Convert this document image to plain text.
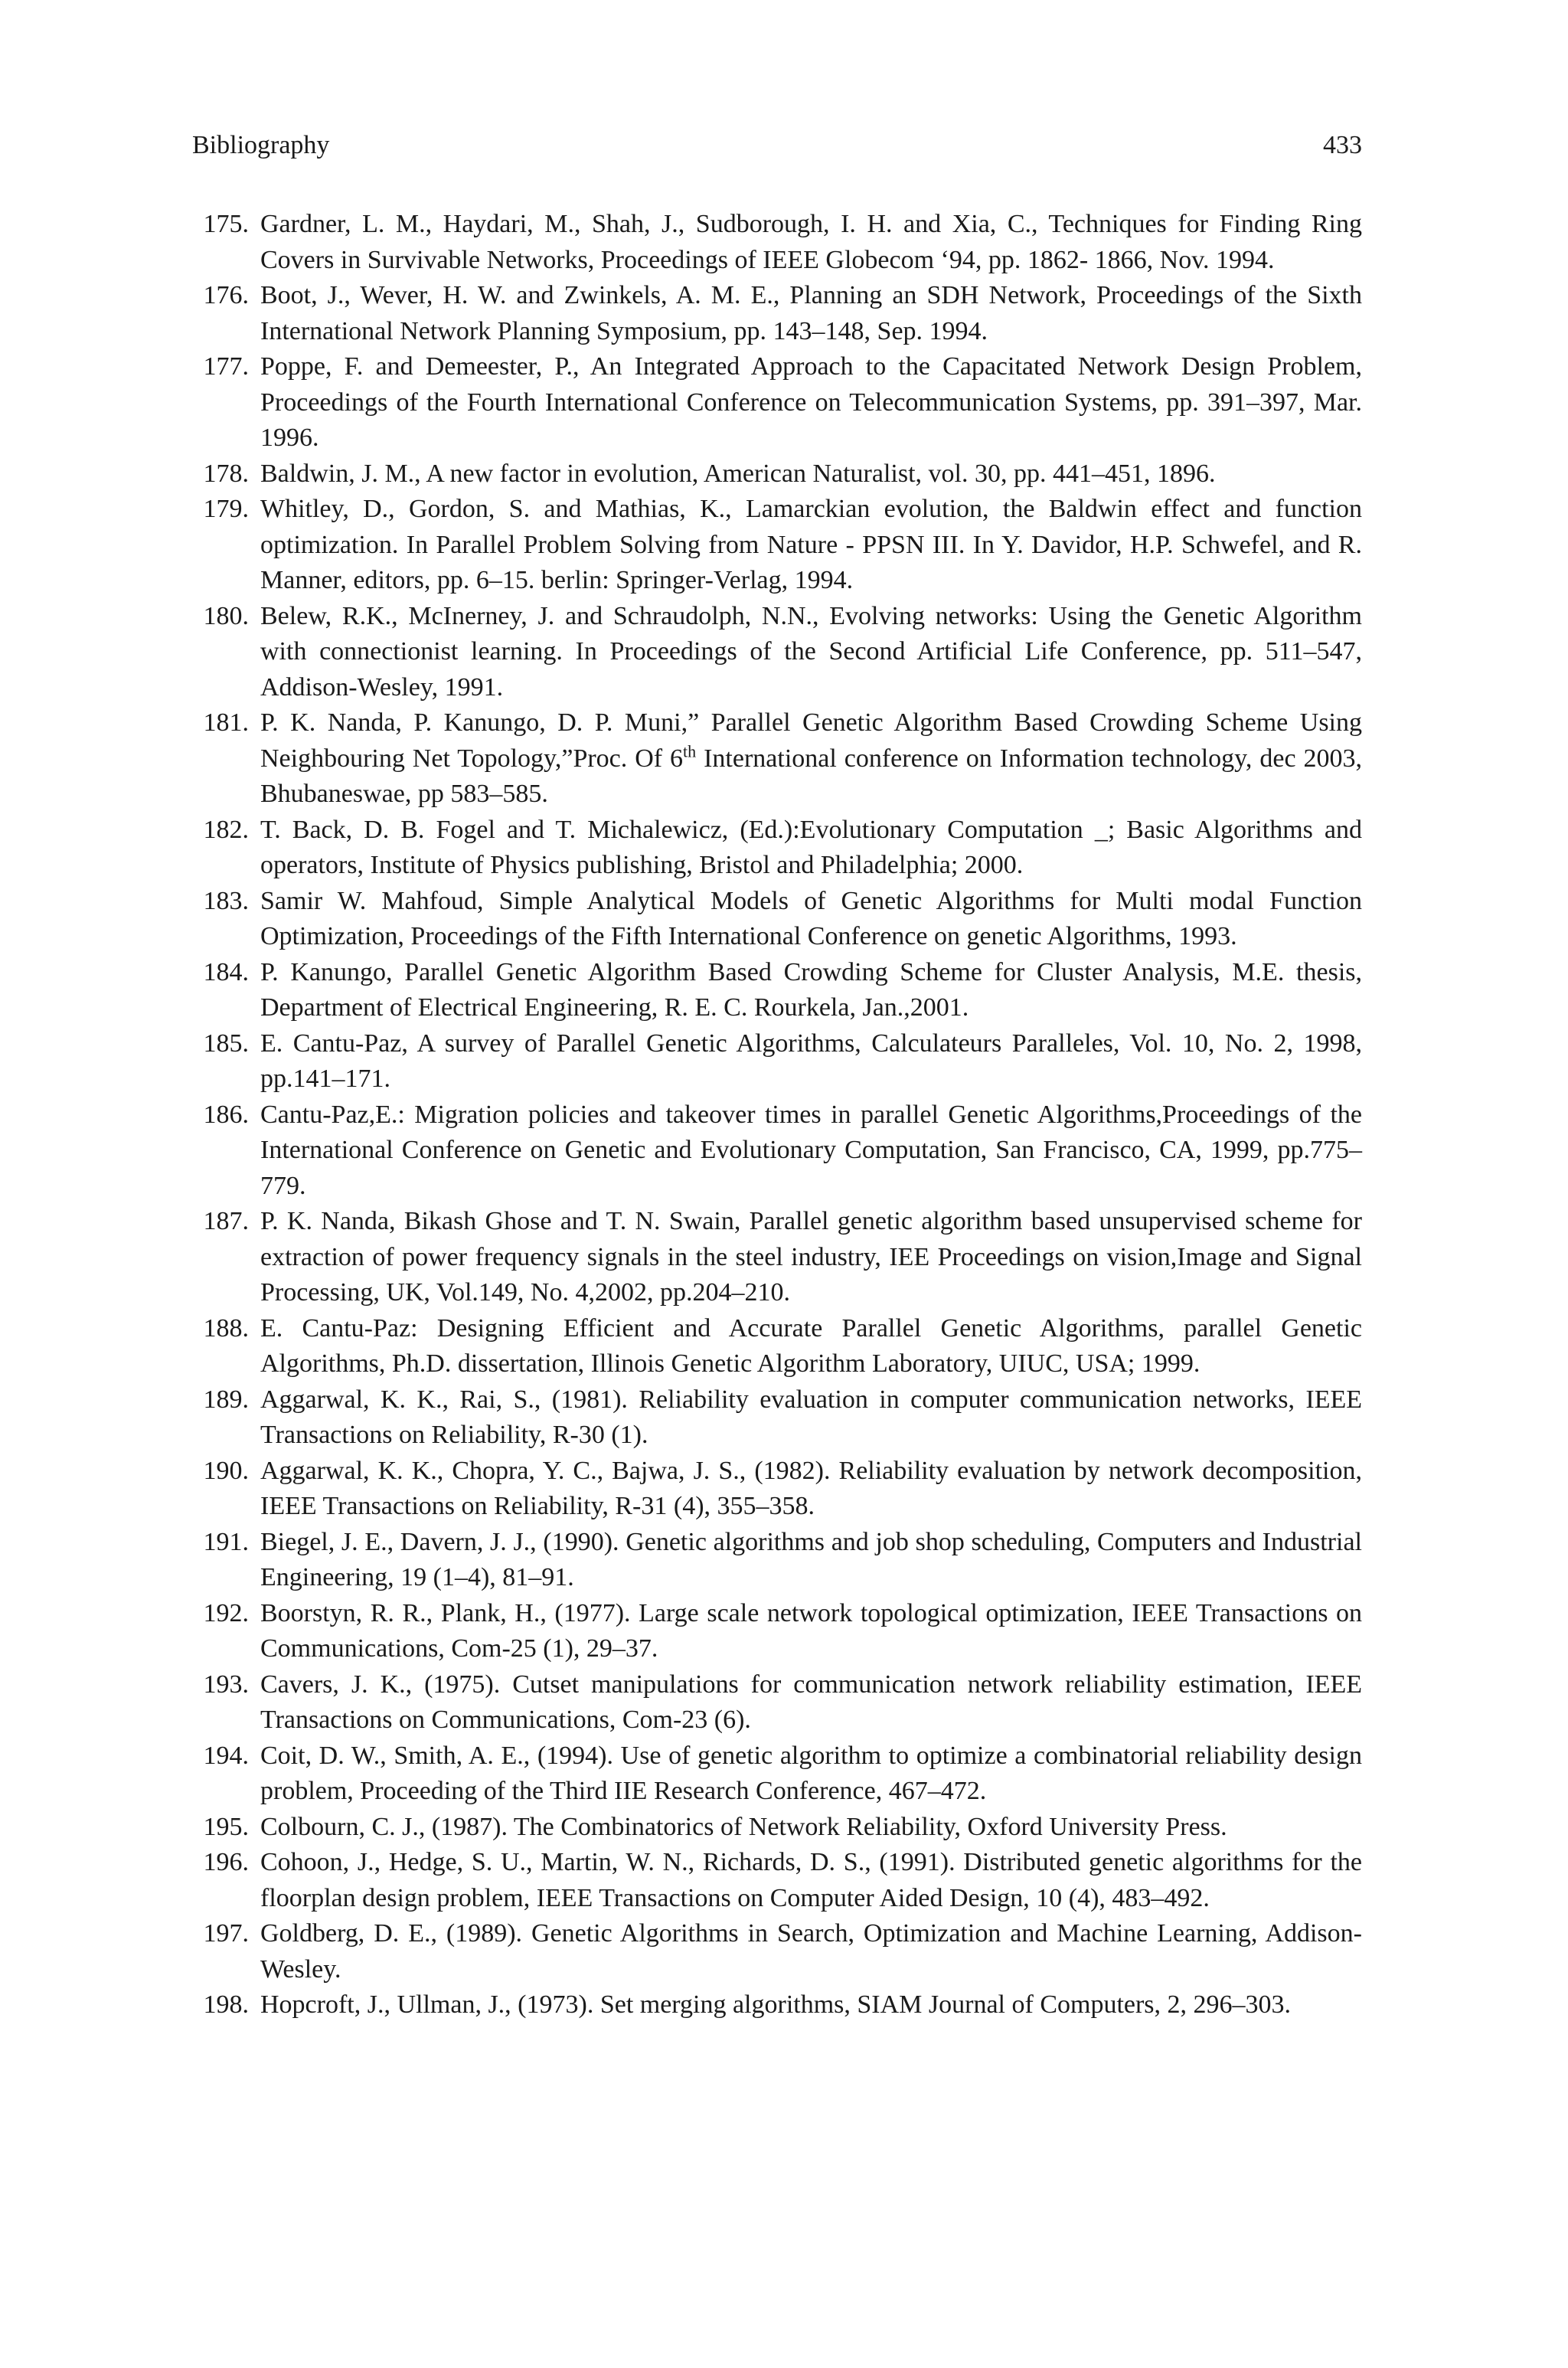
Bibliography	433
175. Gardner, L. M., Haydari, M., Shah, J., Sudborough, I. H. and Xia, C., Techniques for Finding Ring Covers in Survivable Networks, Proceedings of IEEE Globecom ‘94, pp. 1862- 1866, Nov. 1994.
176. Boot, J., Wever, H. W. and Zwinkels, A. M. E., Planning an SDH Network, Proceedings of the Sixth International Network Planning Symposium, pp. 143–148, Sep. 1994.
177. Poppe, F. and Demeester, P., An Integrated Approach to the Capacitated Network Design Problem, Proceedings of the Fourth International Conference on Telecommunication Systems, pp. 391–397, Mar. 1996.
178. Baldwin, J. M., A new factor in evolution, American Naturalist, vol. 30, pp. 441–451, 1896.
179. Whitley, D., Gordon, S. and Mathias, K., Lamarckian evolution, the Baldwin effect and function optimization. In Parallel Problem Solving from Nature - PPSN III. In Y. Davidor, H.P. Schwefel, and R. Manner, editors, pp. 6–15. berlin: Springer-Verlag, 1994.
180. Belew, R.K., McInerney, J. and Schraudolph, N.N., Evolving networks: Using the Genetic Algorithm with connectionist learning. In Proceedings of the Second Artificial Life Conference, pp. 511–547, Addison-Wesley, 1991.
181. P. K. Nanda, P. Kanungo, D. P. Muni,” Parallel Genetic Algorithm Based Crowding Scheme Using Neighbouring Net Topology,”Proc. Of 6th International conference on Information technology, dec 2003, Bhubaneswae, pp 583–585.
182. T. Back, D. B. Fogel and T. Michalewicz, (Ed.):Evolutionary Computation _; Basic Algorithms and operators, Institute of Physics publishing, Bristol and Philadelphia; 2000.
183. Samir W. Mahfoud, Simple Analytical Models of Genetic Algorithms for Multi modal Function Optimization, Proceedings of the Fifth International Conference on genetic Algorithms, 1993.
184. P. Kanungo, Parallel Genetic Algorithm Based Crowding Scheme for Cluster Analysis, M.E. thesis, Department of Electrical Engineering, R. E. C. Rourkela, Jan.,2001.
185. E. Cantu-Paz, A survey of Parallel Genetic Algorithms, Calculateurs Paralleles, Vol. 10, No. 2, 1998, pp.141–171.
186. Cantu-Paz,E.: Migration policies and takeover times in parallel Genetic Algorithms,Proceedings of the International Conference on Genetic and Evolutionary Computation, San Francisco, CA, 1999, pp.775–779.
187. P. K. Nanda, Bikash Ghose and T. N. Swain, Parallel genetic algorithm based unsupervised scheme for extraction of power frequency signals in the steel industry, IEE Proceedings on vision,Image and Signal Processing, UK, Vol.149, No. 4,2002, pp.204–210.
188. E. Cantu-Paz: Designing Efficient and Accurate Parallel Genetic Algorithms, parallel Genetic Algorithms, Ph.D. dissertation, Illinois Genetic Algorithm Laboratory, UIUC, USA; 1999.
189. Aggarwal, K. K., Rai, S., (1981). Reliability evaluation in computer communication networks, IEEE Transactions on Reliability, R-30 (1).
190. Aggarwal, K. K., Chopra, Y. C., Bajwa, J. S., (1982). Reliability evaluation by network decomposition, IEEE Transactions on Reliability, R-31 (4), 355–358.
191. Biegel, J. E., Davern, J. J., (1990). Genetic algorithms and job shop scheduling, Computers and Industrial Engineering, 19 (1–4), 81–91.
192. Boorstyn, R. R., Plank, H., (1977). Large scale network topological optimization, IEEE Transactions on Communications, Com-25 (1), 29–37.
193. Cavers, J. K., (1975). Cutset manipulations for communication network reliability estimation, IEEE Transactions on Communications, Com-23 (6).
194. Coit, D. W., Smith, A. E., (1994). Use of genetic algorithm to optimize a combinatorial reliability design problem, Proceeding of the Third IIE Research Conference, 467–472.
195. Colbourn, C. J., (1987). The Combinatorics of Network Reliability, Oxford University Press.
196. Cohoon, J., Hedge, S. U., Martin, W. N., Richards, D. S., (1991). Distributed genetic algorithms for the floorplan design problem, IEEE Transactions on Computer Aided Design, 10 (4), 483–492.
197. Goldberg, D. E., (1989). Genetic Algorithms in Search, Optimization and Machine Learning, Addison-Wesley.
198. Hopcroft, J., Ullman, J., (1973). Set merging algorithms, SIAM Journal of Computers, 2, 296–303.
